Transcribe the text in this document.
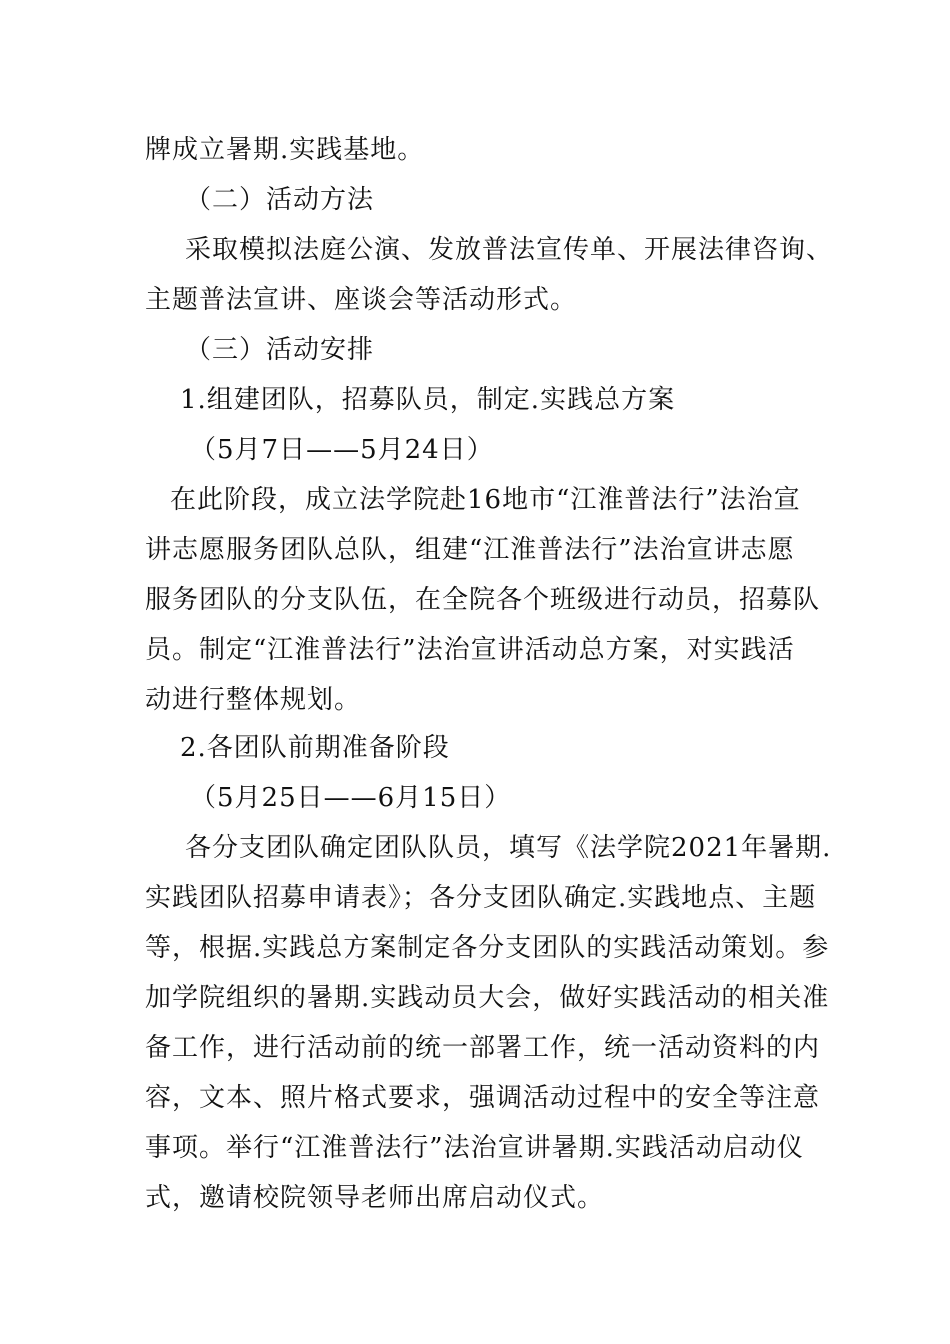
牌成立暑期.实践基地。
（二）活动方法
采取模拟法庭公演、发放普法宣传单、开展法律咨询、
主题普法宣讲、座谈会等活动形式。
（三）活动安排
1.组建团队，招募队员，制定.实践总方案
（5月7日——5月24日）
在此阶段，成立法学院赴16地市“江淮普法行”法治宣
讲志愿服务团队总队，组建“江淮普法行”法治宣讲志愿
服务团队的分支队伍，在全院各个班级进行动员，招募队
员。制定“江淮普法行”法治宣讲活动总方案，对实践活
动进行整体规划。
2.各团队前期准备阶段
（5月25日——6月15日）
各分支团队确定团队队员，填写《法学院2021年暑期.
实践团队招募申请表》；各分支团队确定.实践地点、主题
等，根据.实践总方案制定各分支团队的实践活动策划。参
加学院组织的暑期.实践动员大会，做好实践活动的相关准
备工作，进行活动前的统一部署工作，统一活动资料的内
容，文本、照片格式要求，强调活动过程中的安全等注意
事项。举行“江淮普法行”法治宣讲暑期.实践活动启动仪
式，邀请校院领导老师出席启动仪式。
